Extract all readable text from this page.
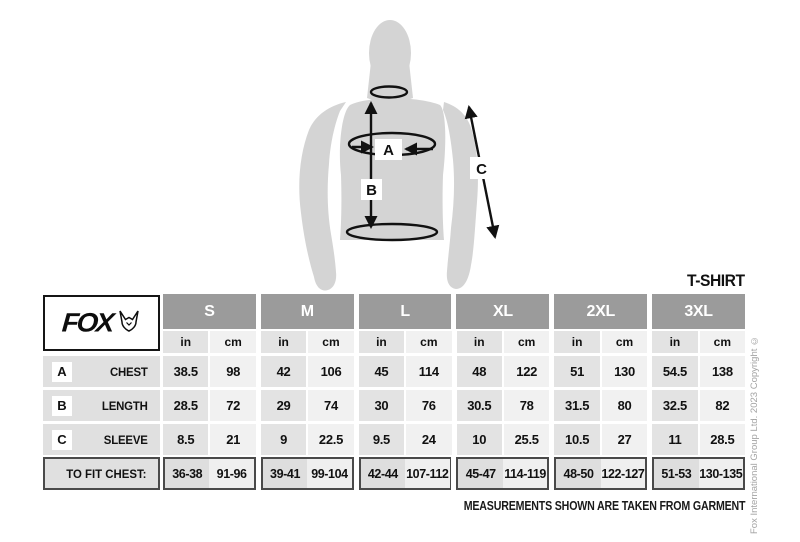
A
B
C
T-SHIRT
FOX	S	M	L	XL	2XL	3XL
in	cm	in	cm	in	cm	in	cm	in	cm	in	cm
A	CHEST	38.5	98	42	106	45	114	48	122	51	130	54.5	138
B	LENGTH	28.5	72	29	74	30	76	30.5	78	31.5	80	32.5	82
C	SLEEVE	8.5	21	9	22.5	9.5	24	10	25.5	10.5	27	11	28.5
TO FIT CHEST:	36-38	91-96	39-41 99-104	42-44 107-112	45-47 114-119	48-50 122-127	51-53 130-135
MEASUREMENTS SHOWN ARE TAKEN FROM GARMENT Fox International Group Ltd. 2023 Copyright ©
